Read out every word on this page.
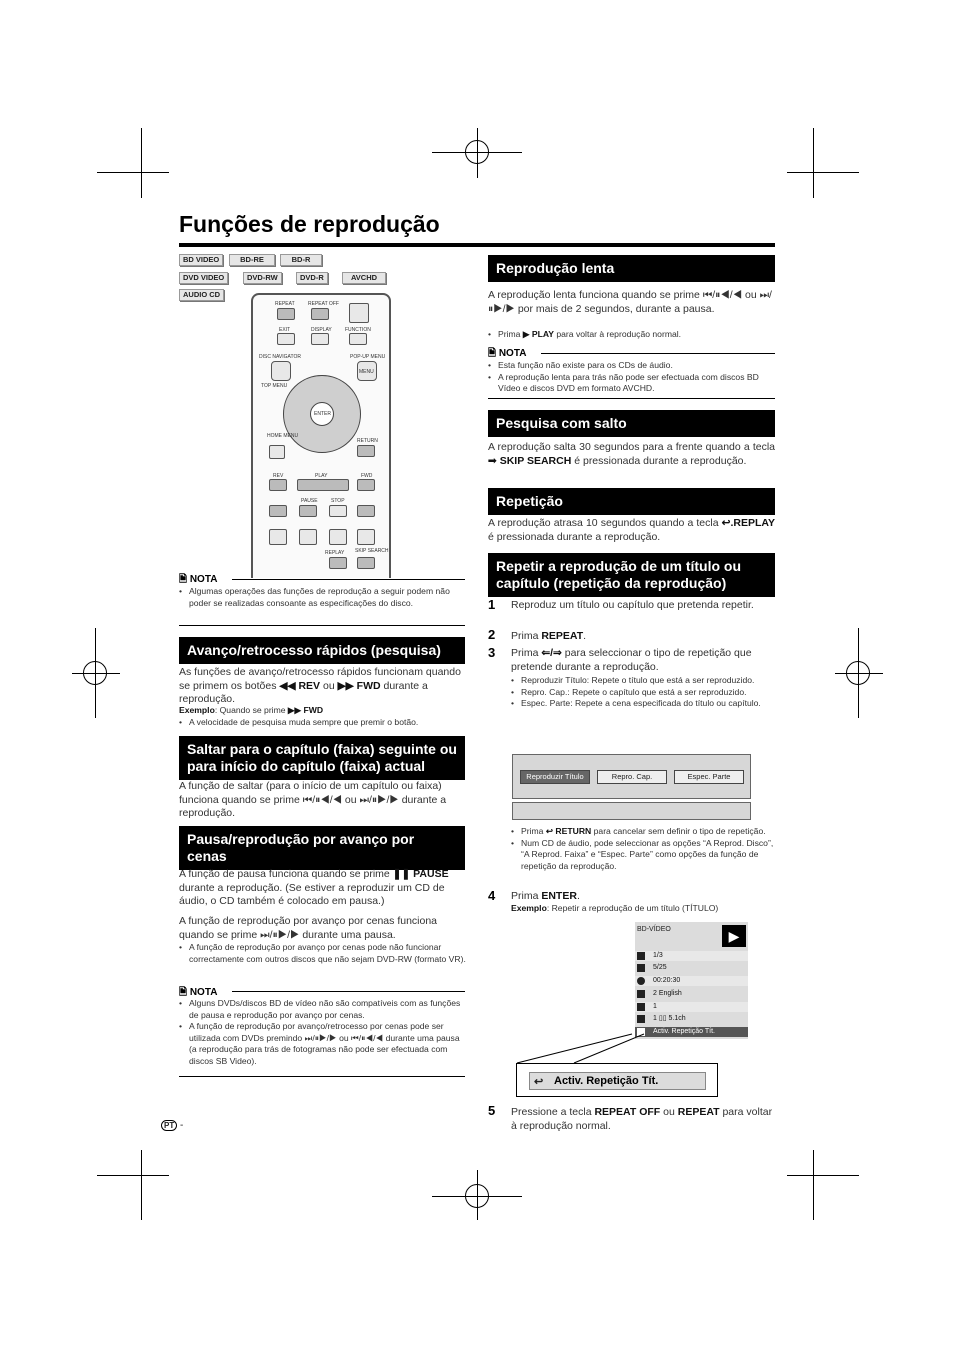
Funções de reprodução
BD VIDEO	BD-RE	BD-R
DVD VIDEO	DVD-RW	DVD-R	AVCHD
AUDIO CD
REPEAT	REPEAT OFF
EXIT	DISPLAY	FUNCTION
DISC NAVIGATOR	POP-UP MENU
TOP MENU
MENU
ENTER
HOME MENU
RETURN
REV	PLAY	FWD
PAUSE	STOP
REPLAY SKIP SEARCH
🗎 NOTA
• Algumas operações das funções de reprodução a seguir podem não poder se realizadas consoante as especificações do disco.
Avanço/retrocesso rápidos (pesquisa)
As funções de avanço/retrocesso rápidos funcionam quando se primem os botões ◀◀ REV ou ▶▶ FWD durante a reprodução.
Exemplo: Quando se prime ▶▶ FWD
• A velocidade de pesquisa muda sempre que premir o botão.
Saltar para o capítulo (faixa) seguinte ou para início do capítulo (faixa) actual
A função de saltar (para o início de um capítulo ou faixa) funciona quando se prime ⏮/⏸◀/◀ ou ⏭/⏸▶/▶ durante a reprodução.
Pausa/reprodução por avanço por cenas
A função de pausa funciona quando se prime ❚❚ PAUSE durante a reprodução. (Se estiver a reproduzir um CD de áudio, o CD também é colocado em pausa.)
A função de reprodução por avanço por cenas funciona quando se prime ⏭/⏸▶/▶ durante uma pausa.
• A função de reprodução por avanço por cenas pode não funcionar correctamente com outros discos que não sejam DVD-RW (formato VR).
🗎 NOTA
• Alguns DVDs/discos BD de vídeo não são compatíveis com as funções de pausa e reprodução por avanço por cenas.
• A função de reprodução por avanço/retrocesso por cenas pode ser utilizada com DVDs premindo ⏭/⏸▶/▶ ou ⏮/⏸◀/◀ durante uma pausa (a reprodução para trás de fotogramas não pode ser efectuada com discos SB Video).
PT -
Reprodução lenta
A reprodução lenta funciona quando se prime ⏮/⏸◀/◀ ou ⏭/⏸▶/▶ por mais de 2 segundos, durante a pausa.
• Prima ▶ PLAY para voltar à reprodução normal.
🗎 NOTA
• Esta função não existe para os CDs de áudio.
• A reprodução lenta para trás não pode ser efectuada com discos BD Vídeo e discos DVD em formato AVCHD.
Pesquisa com salto
A reprodução salta 30 segundos para a frente quando a tecla ➟ SKIP SEARCH é pressionada durante a reprodução.
Repetição
A reprodução atrasa 10 segundos quando a tecla ↩.REPLAY é pressionada durante a reprodução.
Repetir a reprodução de um título ou capítulo (repetição da reprodução)
1 Reproduz um título ou capítulo que pretenda repetir.
2 Prima REPEAT.
3 Prima ⇐/⇒ para seleccionar o tipo de repetição que pretende durante a reprodução.
• Reproduzir Título: Repete o título que está a ser reproduzido.
• Repro. Cap.: Repete o capítulo que está a ser reproduzido.
• Espec. Parte: Repete a cena especificada do título ou capítulo.
Reproduzir Título	Repro. Cap.	Espec. Parte
• Prima ↩ RETURN para cancelar sem definir o tipo de repetição.
• Num CD de áudio, pode seleccionar as opções “A Reprod. Disco”, “A Reprod. Faixa” e “Espec. Parte” como opções da função de repetição da reprodução.
4 Prima ENTER.
Exemplo: Repetir a reprodução de um título (TÍTULO)
BD-VÍDEO	▶
1/3
5/25
00:20:30
2 English
1
1 ▯▯ 5.1ch
Activ. Repetição Tít.
↩ Activ. Repetição Tít.
5 Pressione a tecla REPEAT OFF ou REPEAT para voltar à reprodução normal.
